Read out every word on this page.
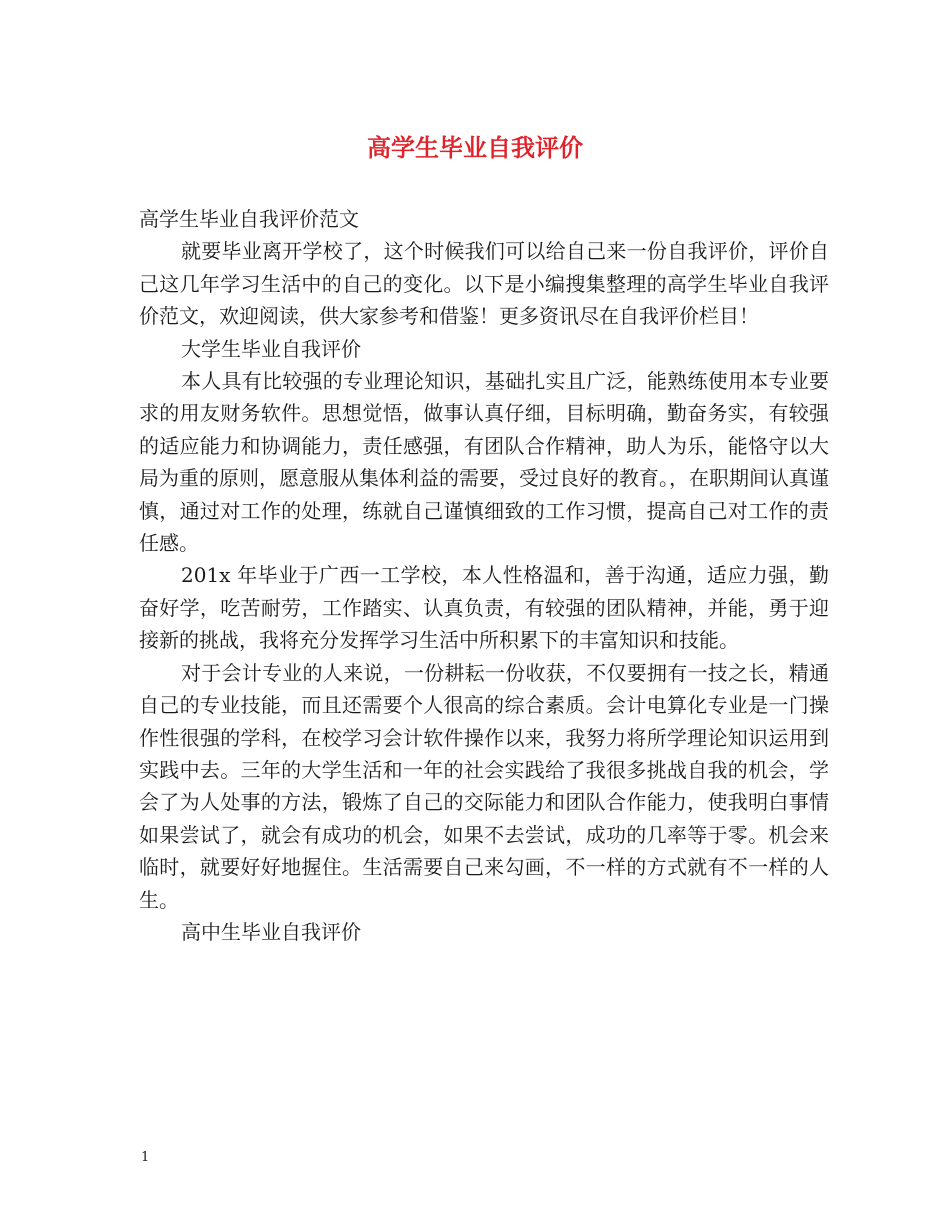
高学生毕业自我评价

高学生毕业自我评价范文

就要毕业离开学校了，这个时候我们可以给自己来一份自我评价，评价自己这几年学习生活中的自己的变化。以下是小编搜集整理的高学生毕业自我评价范文，欢迎阅读，供大家参考和借鉴！更多资讯尽在自我评价栏目！

大学生毕业自我评价

本人具有比较强的专业理论知识，基础扎实且广泛，能熟练使用本专业要求的用友财务软件。思想觉悟，做事认真仔细，目标明确，勤奋务实，有较强的适应能力和协调能力，责任感强，有团队合作精神，助人为乐，能恪守以大局为重的原则，愿意服从集体利益的需要，受过良好的教育。，在职期间认真谨慎，通过对工作的处理，练就自己谨慎细致的工作习惯，提高自己对工作的责任感。

201x 年毕业于广西一工学校，本人性格温和，善于沟通，适应力强，勤奋好学，吃苦耐劳，工作踏实、认真负责，有较强的团队精神，并能，勇于迎接新的挑战，我将充分发挥学习生活中所积累下的丰富知识和技能。

对于会计专业的人来说，一份耕耘一份收获，不仅要拥有一技之长，精通自己的专业技能，而且还需要个人很高的综合素质。会计电算化专业是一门操作性很强的学科，在校学习会计软件操作以来，我努力将所学理论知识运用到实践中去。三年的大学生活和一年的社会实践给了我很多挑战自我的机会，学会了为人处事的方法，锻炼了自己的交际能力和团队合作能力，使我明白事情如果尝试了，就会有成功的机会，如果不去尝试，成功的几率等于零。机会来临时，就要好好地握住。生活需要自己来勾画，不一样的方式就有不一样的人生。

高中生毕业自我评价

1
